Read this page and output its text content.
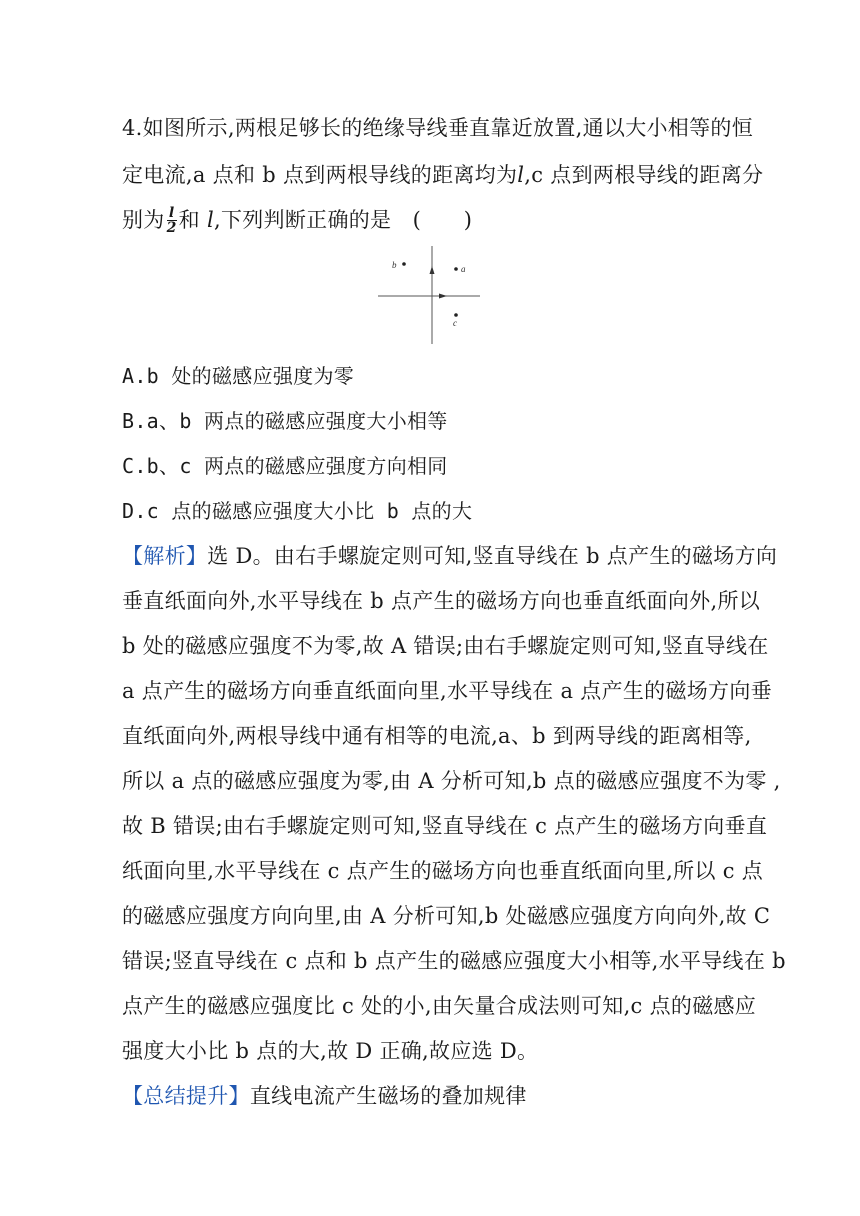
4.如图所示,两根足够长的绝缘导线垂直靠近放置,通以大小相等的恒
定电流,a 点和 b 点到两根导线的距离均为l,c 点到两根导线的距离分
别为 $\frac{l}{2}$ 和 l,下列判断正确的是　(　　)
b	a
c
A.b 处的磁感应强度为零
B.a、b 两点的磁感应强度大小相等
C.b、c 两点的磁感应强度方向相同
D.c 点的磁感应强度大小比 b 点的大
【解析】选 D。由右手螺旋定则可知,竖直导线在 b 点产生的磁场方向
垂直纸面向外,水平导线在 b 点产生的磁场方向也垂直纸面向外,所以
b 处的磁感应强度不为零,故 A 错误;由右手螺旋定则可知,竖直导线在
a 点产生的磁场方向垂直纸面向里,水平导线在 a 点产生的磁场方向垂
直纸面向外,两根导线中通有相等的电流,a、b 到两导线的距离相等,
所以 a 点的磁感应强度为零,由 A 分析可知,b 点的磁感应强度不为零 ,
故 B 错误;由右手螺旋定则可知,竖直导线在 c 点产生的磁场方向垂直
纸面向里,水平导线在 c 点产生的磁场方向也垂直纸面向里,所以 c 点
的磁感应强度方向向里,由 A 分析可知,b 处磁感应强度方向向外,故 C
错误;竖直导线在 c 点和 b 点产生的磁感应强度大小相等,水平导线在 b
点产生的磁感应强度比 c 处的小,由矢量合成法则可知,c 点的磁感应
强度大小比 b 点的大,故 D 正确,故应选 D。
【总结提升】直线电流产生磁场的叠加规律
